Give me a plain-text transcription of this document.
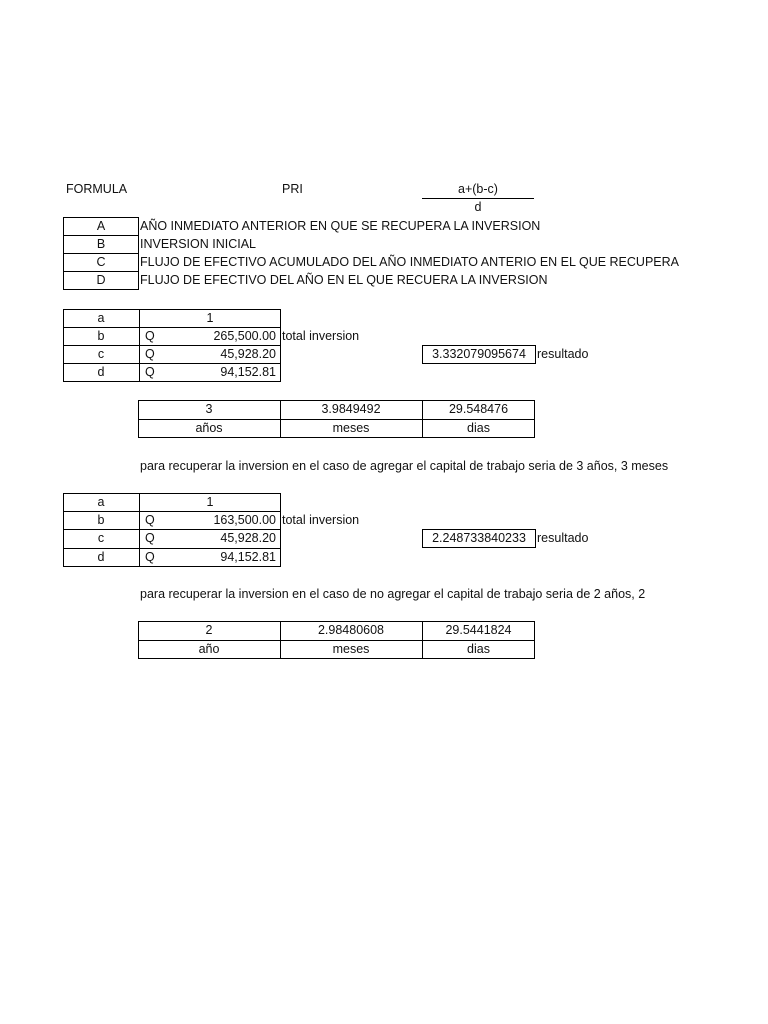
FORMULA	PRI	a+(b-c)
d
A	AÑO INMEDIATO ANTERIOR EN QUE SE RECUPERA LA INVERSION
B	INVERSION INICIAL
C	FLUJO DE EFECTIVO ACUMULADO DEL AÑO INMEDIATO ANTERIO EN EL QUE RECUPERA
D	FLUJO DE EFECTIVO DEL AÑO EN EL QUE RECUERA LA INVERSION
a	1
b	Q	265,500.00
c	Q	45,928.20
d	Q	94,152.81
total inversion
3.332079095674 resultado
3	3.9849492	29.548476
años	meses	dias
para recuperar la inversion en el caso de agregar el capital de trabajo seria de 3 años, 3 meses
a	1
b	Q	163,500.00
c	Q	45,928.20
d	Q	94,152.81
total inversion
2.248733840233 resultado
para recuperar la inversion en el caso de no agregar el capital de trabajo seria de 2 años, 2
2	2.98480608	29.5441824
año	meses	dias
